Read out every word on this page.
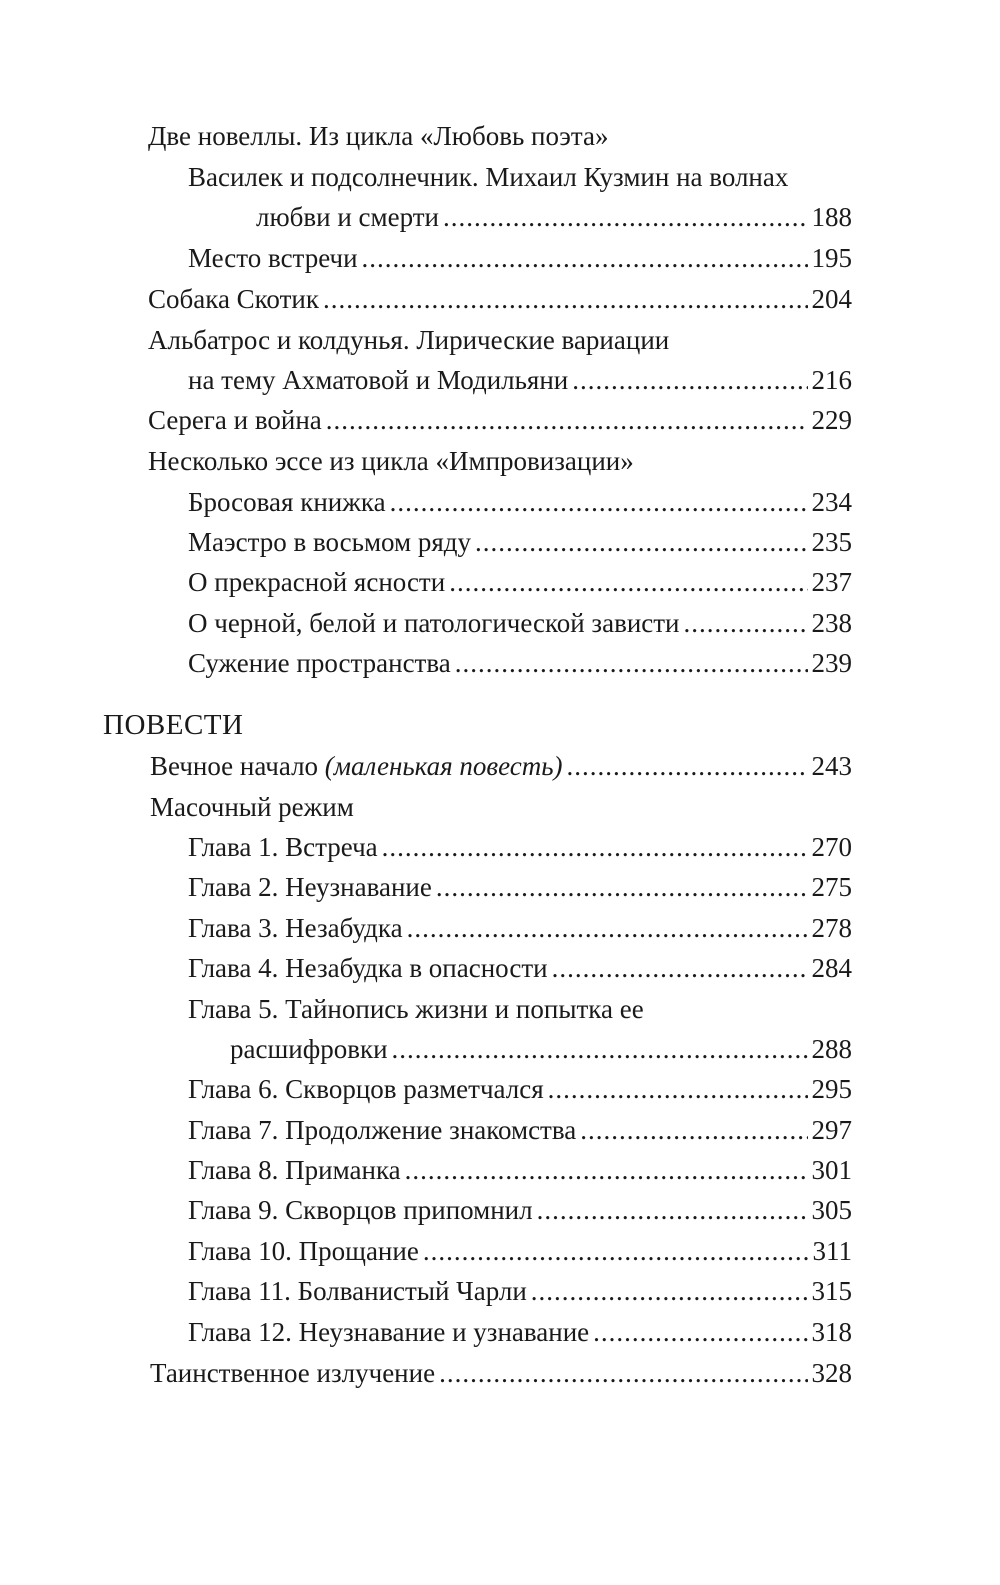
Две новеллы. Из цикла «Любовь поэта»
Василек и подсолнечник. Михаил Кузмин на волнах
любви и смерти .....	188
Место встречи .....	195
Собака Скотик .....	204
Альбатрос и колдунья. Лирические вариации
на тему Ахматовой и Модильяни .....	216
Серега и война .....	229
Несколько эссе из цикла «Импровизации»
Бросовая книжка .....	234
Маэстро в восьмом ряду .....	235
О прекрасной ясности .....	237
О черной, белой и патологической зависти .....	238
Сужение пространства .....	239
ПОВЕСТИ
Вечное начало (маленькая повесть) .....	243
Масочный режим
Глава 1. Встреча .....	270
Глава 2. Неузнавание .....	275
Глава 3. Незабудка .....	278
Глава 4. Незабудка в опасности .....	284
Глава 5. Тайнопись жизни и попытка ее
расшифровки .....	288
Глава 6. Скворцов разметчался .....	295
Глава 7. Продолжение знакомства .....	297
Глава 8. Приманка .....	301
Глава 9. Скворцов припомнил .....	305
Глава 10. Прощание .....	311
Глава 11. Болванистый Чарли .....	315
Глава 12. Неузнавание и узнавание .....	318
Таинственное излучение .....	328
